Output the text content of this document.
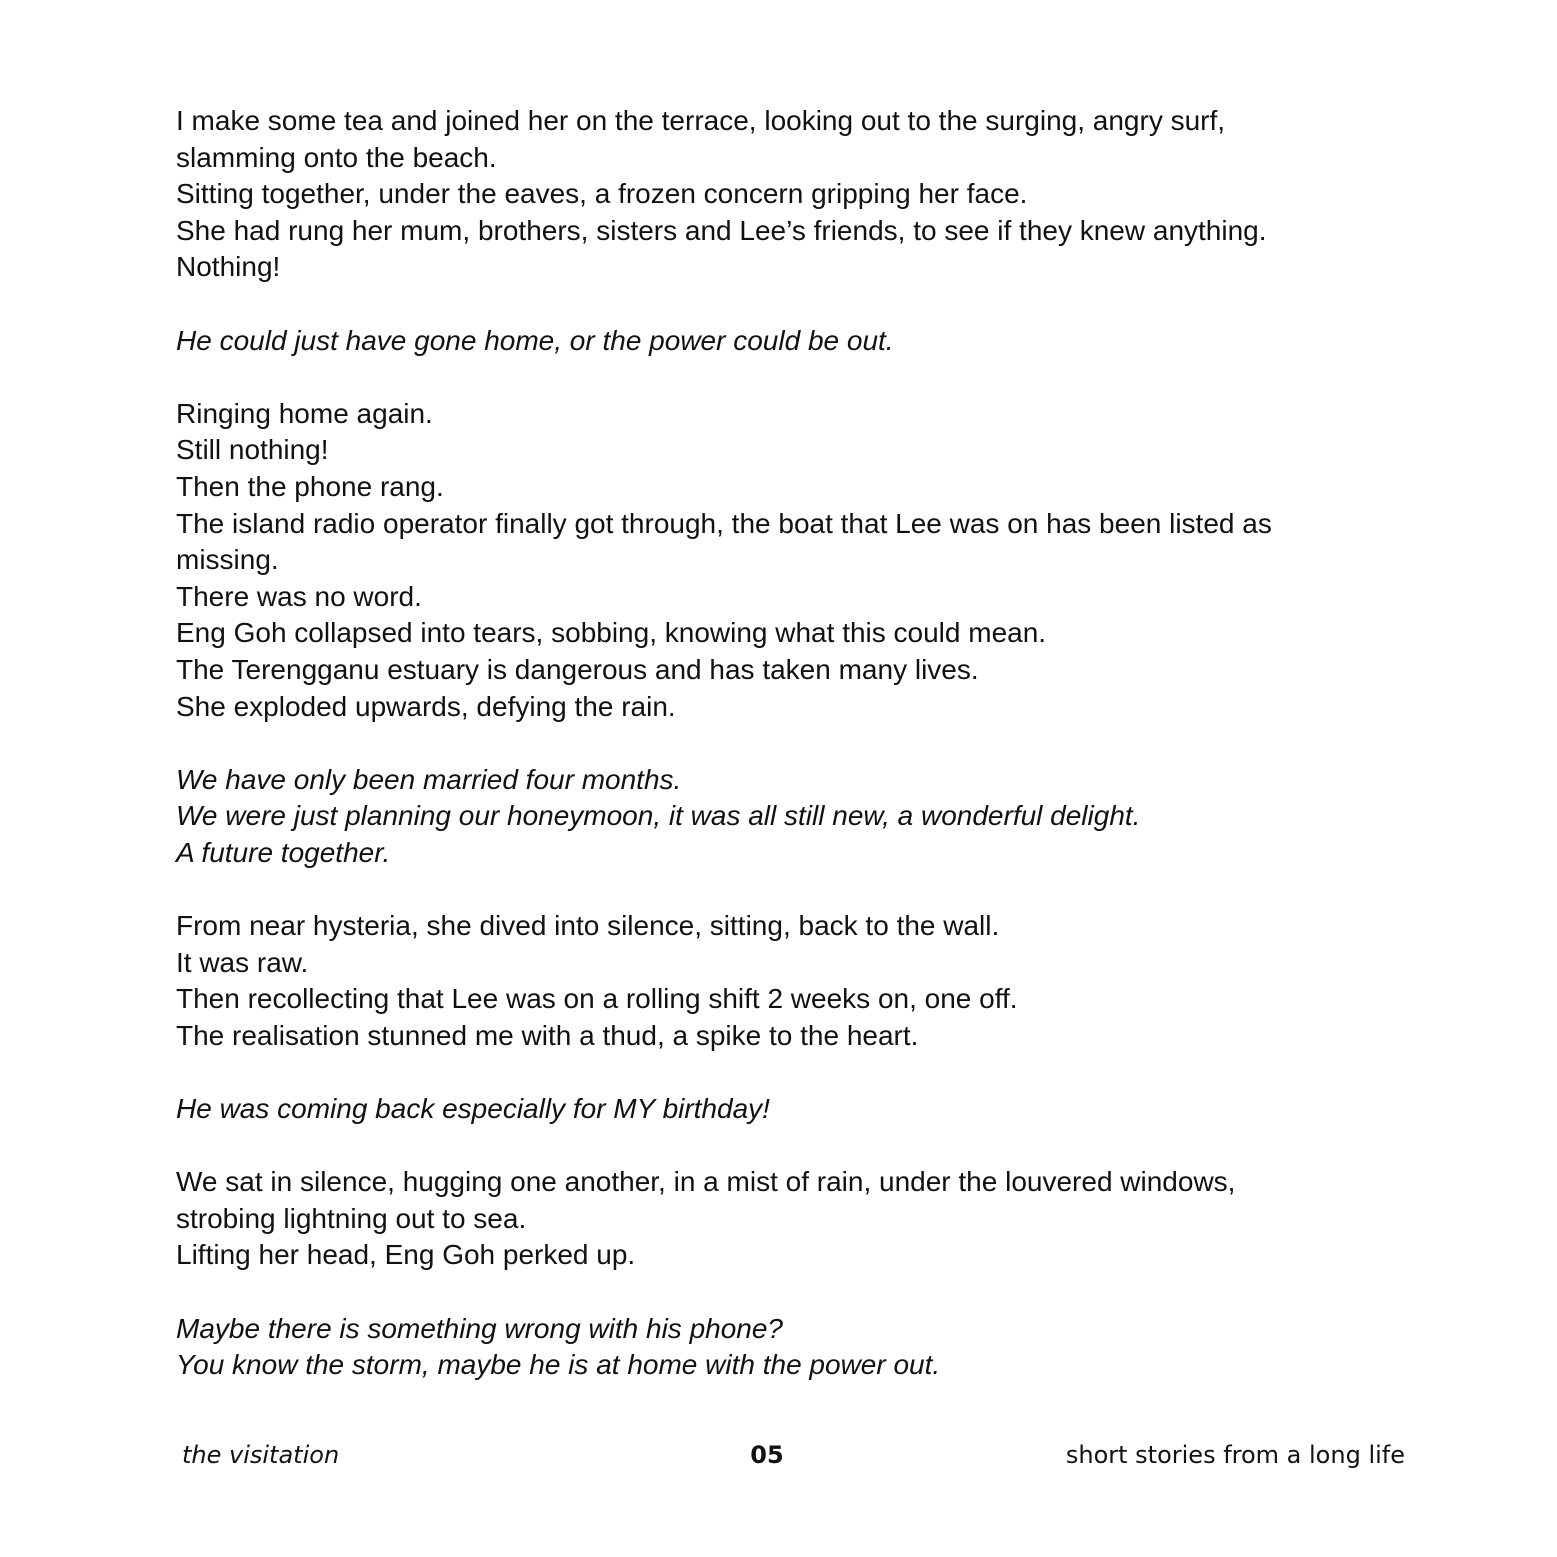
I make some tea and joined her on the terrace, looking out to the surging, angry surf,
slamming onto the beach.
Sitting together, under the eaves, a frozen concern gripping her face.
She had rung her mum, brothers, sisters and Lee’s friends, to see if they knew anything.
Nothing!
He could just have gone home, or the power could be out.
Ringing home again.
Still nothing!
Then the phone rang.
The island radio operator finally got through, the boat that Lee was on has been listed as
missing.
There was no word.
Eng Goh collapsed into tears, sobbing, knowing what this could mean.
The Terengganu estuary is dangerous and has taken many lives.
She exploded upwards, defying the rain.
We have only been married four months.
We were just planning our honeymoon, it was all still new, a wonderful delight.
A future together.
From near hysteria, she dived into silence, sitting, back to the wall.
It was raw.
Then recollecting that Lee was on a rolling shift 2 weeks on, one off.
The realisation stunned me with a thud, a spike to the heart.
He was coming back especially for MY birthday!
We sat in silence, hugging one another, in a mist of rain, under the louvered windows,
strobing lightning out to sea.
Lifting her head, Eng Goh perked up.
Maybe there is something wrong with his phone?
You know the storm, maybe he is at home with the power out.
the visitation	05	short stories from a long life
